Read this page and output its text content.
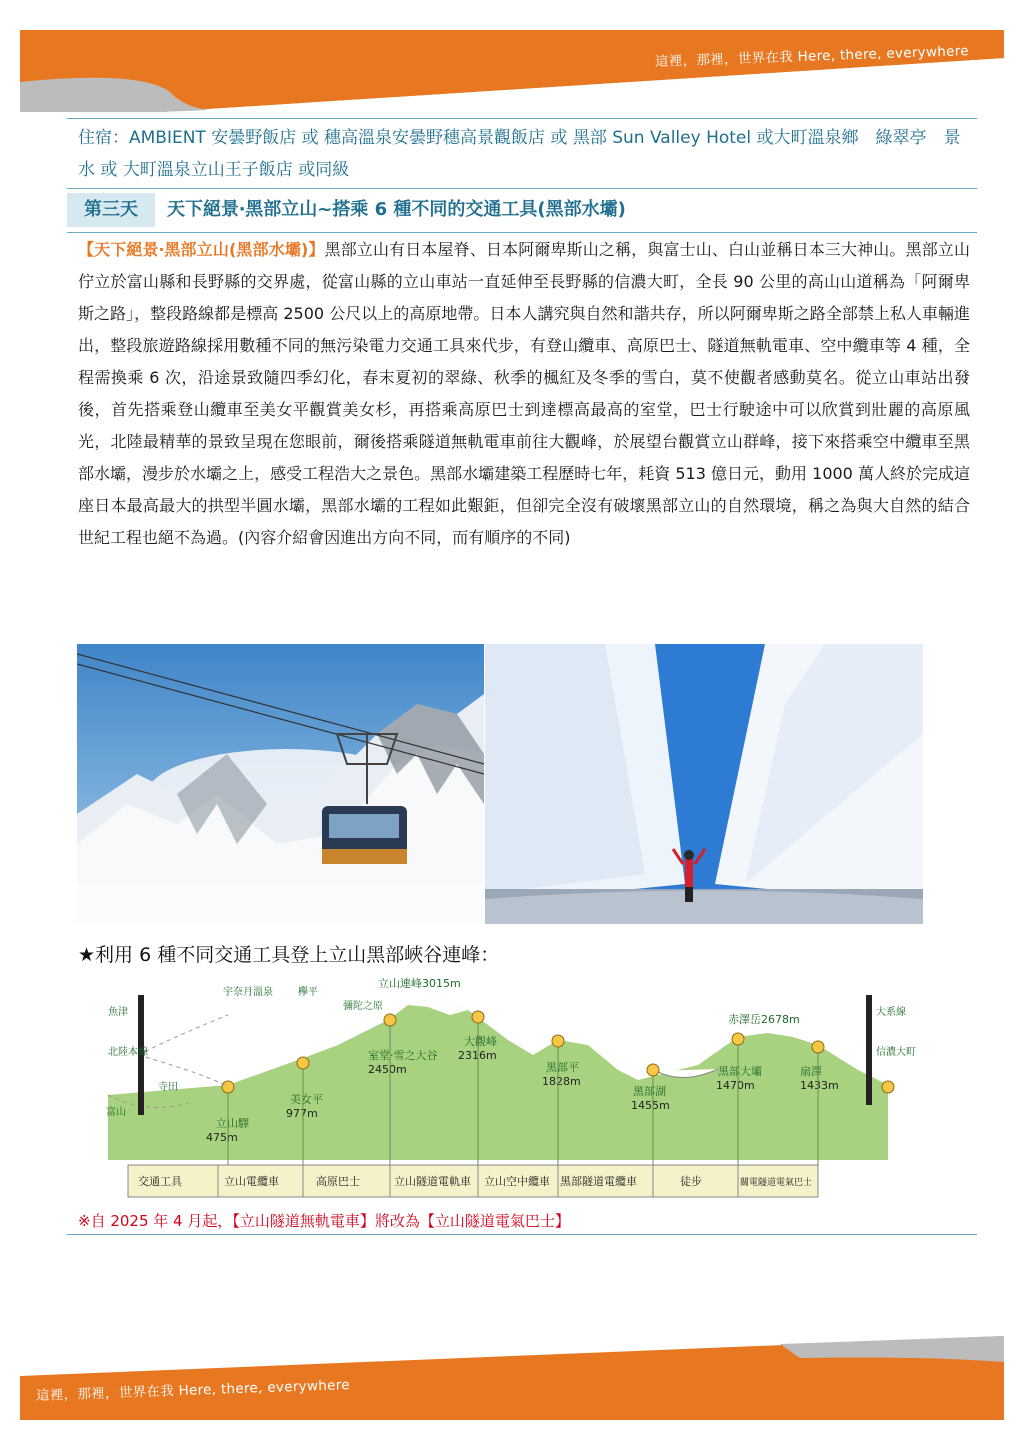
這裡，那裡，世界在我 Here, there, everywhere
住宿：AMBIENT 安曇野飯店 或 穗高溫泉安曇野穗高景觀飯店 或 黑部 Sun Valley Hotel 或大町溫泉鄉　綠翠亭　景水 或 大町溫泉立山王子飯店 或同級
第三天	天下絕景‧黑部立山~搭乘 6 種不同的交通工具(黑部水壩)
【天下絕景‧黑部立山(黑部水壩)】黑部立山有日本屋脊、日本阿爾卑斯山之稱，與富士山、白山並稱日本三大神山。黑部立山佇立於富山縣和長野縣的交界處，從富山縣的立山車站一直延伸至長野縣的信濃大町，全長 90 公里的高山山道稱為「阿爾卑斯之路」，整段路線都是標高 2500 公尺以上的高原地帶。日本人講究與自然和諧共存，所以阿爾卑斯之路全部禁上私人車輛進出，整段旅遊路線採用數種不同的無污染電力交通工具來代步，有登山纜車、高原巴士、隧道無軌電車、空中纜車等 4 種，全程需換乘 6 次，沿途景致隨四季幻化，春末夏初的翠綠、秋季的楓紅及冬季的雪白，莫不使觀者感動莫名。從立山車站出發後，首先搭乘登山纜車至美女平觀賞美女杉，再搭乘高原巴士到達標高最高的室堂，巴士行駛途中可以欣賞到壯麗的高原風光，北陸最精華的景致呈現在您眼前，爾後搭乘隧道無軌電車前往大觀峰，於展望台觀賞立山群峰，接下來搭乘空中纜車至黑部水壩，漫步於水壩之上，感受工程浩大之景色。黑部水壩建築工程歷時七年，耗資 513 億日元，動用 1000 萬人終於完成這座日本最高最大的拱型半圓水壩，黑部水壩的工程如此艱鉅，但卻完全沒有破壞黑部立山的自然環境，稱之為與大自然的結合世紀工程也絕不為過。(內容介紹會因進出方向不同，而有順序的不同)
★利用 6 種不同交通工具登上立山黑部峽谷連峰：
立山連峰3015m
赤澤岳2678m
立山驛
475m
美女平
977m
室堂‧雪之大谷
2450m
大觀峰
2316m
黑部平
1828m
黑部湖
1455m
黑部大壩
1470m
扇澤
1433m
宇奈月溫泉	欅平
彌陀之原
魚津
北陸本線
寺田
富山
大系線
信濃大町
交通工具	立山電纜車	高原巴士	立山隧道電軌車 立山空中纜車 黑部隧道電纜車	徒步	關電隧道電氣巴士
※自 2025 年 4 月起，【立山隧道無軌電車】將改為【立山隧道電氣巴士】
這裡，那裡，世界在我 Here, there, everywhere
